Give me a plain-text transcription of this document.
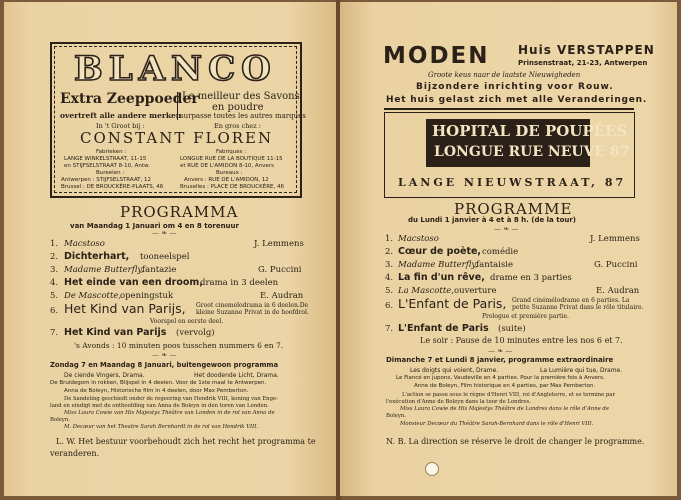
BLANCO
Extra Zeeppoeder
Le meilleur des Savons
en poudre
overtreft alle andere merken
surpasse toutes les autres marques
In 't Groot bij :	En gros chez :
CONSTANT FLOREN
Fabrieken :
LANGE WINKELSTRAAT, 11-15
en STIJFSELSTRAAT 8-10, Antw.
Bureelen :
Antwerpen : STIJFSELSTRAAT, 12
Brussel : DE BROUCKÈRE-PLAATS, 46
Fabriques :
LONGUE RUE DE LA BOUTIQUE 11-15
et RUE DE L'AMIDON 8-10, Anvers
Bureaux :
Anvers : RUE DE L'AMIDON, 12
Bruxelles : PLACE DE BROUCKÈRE, 46
PROGRAMMA
van Maandag 1 Januari om 4 en 8 torenuur
— ❧ —
1. Macstoso	J. Lemmens
2. Dichterhart, tooneelspel
3. Madame Butterfly,
fantazie	G. Puccini
4. Het einde van een droom,
drama in 3 deelen
5. De Mascotte,
openingstuk	E. Audran
6. Het Kind van Parijs, Groot cinemelodrama in 6 deelen.De
kleine Suzanne Privat in de hoofdrol.
Voorspel en eerste deel.
7. Het Kind van Parijs (vervolg)
's Avonds : 10 minuten poos tusschen nummers 6 en 7.
— ❧ —
Zondag 7 en Maandag 8 Januari, buitengewoon programma
De ciende Vingers, Drama.	Het doodende Licht, Drama.
De Bruidegom in rokken, Blijspel in 4 deelen. Voor de 1ste maal te Antwerpen.
Anna de Boleyn, Historische film in 4 deelen, door Max Pemberton.
De handeling geschiedt onder de regeering van Hendrik VIII, koning van Enge-
land en eindigt met de onthoofding van Anna de Boleyn in den toren van Londen.
Miss Laura Cowie van His Majestys Théâtre van Londen in de rol van Anna de
Boleyn.
M. Decœur van het Theatre Sarah Bernhardt in de rol van Hendrik VIII.
L. W. Het bestuur voorbehoudt zich het recht het programma te
veranderen.
MODEN Huis VERSTAPPEN
Prinsenstraat, 21-23, Antwerpen
Groote keus naar de laatste Nieuwigheden
Bijzondere inrichting voor Rouw.
Het huis gelast zich met alle Veranderingen.
HOPITAL DE POUPÉES
LONGUE RUE NEUVE 87
LANGE NIEUWSTRAAT, 87
PROGRAMME
du Lundi 1 janvier à 4 et à 8 h. (de la tour)
— ❧ —
1. Macstoso	J. Lemmens
2. Cœur de poète, comédie
3. Madame Butterfly,
fantaisie	G. Puccini
4. La fin d'un rêve, drame en 3 parties
5. La Mascotte, ouverture	E. Audran
6. L'Enfant de Paris, Grand cinémélodrame en 6 parties. La
petite Suzanne Privat dans le rôle titulaire.
Prologue et première partie.
7. L'Enfant de Paris (suite)
Le soir : Pause de 10 minutes entre les nos 6 et 7.
— ❧ —
Dimanche 7 et Lundi 8 janvier, programme extraordinaire
Les doigts qui voient, Drame.	La Lumière qui tue, Drame.
Le Fiancé en jupons, Vaudeville en 4 parties. Pour la première fois à Anvers.
Anne de Boleyn, Film historique en 4 parties, par Max Pemberton.
L'action se passe sous le règne d'Henri VIII, roi d'Angleterre, et se termine par
l'exécution d'Anne de Boleyn dans la tour de Londres.
Miss Laura Cowie de His Majestys Théâtre de Londres dans le rôle d'Anne de
Boleyn.
Monsieur Decœur du Théâtre Sarah-Bernhard dans le rôle d'Henri VIII.
N. B. La direction se réserve le droit de changer le programme.
